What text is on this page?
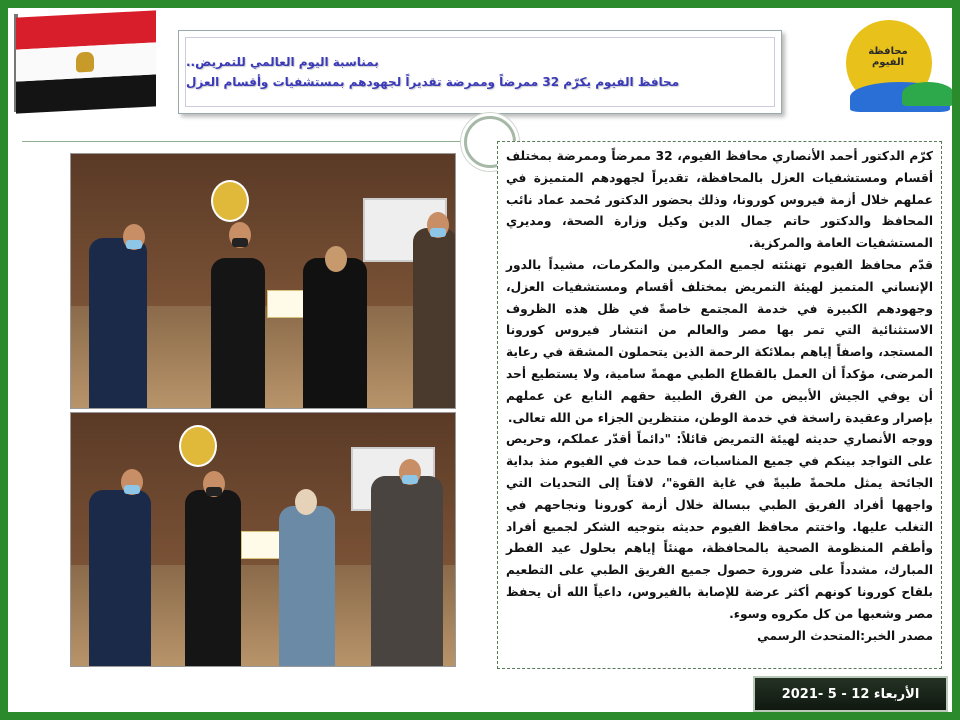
بمناسبة اليوم العالمي للتمريض..
محافظ الفيوم يكرّم 32 ممرضاً وممرضة تقديراً لجهودهم بمستشفيات وأقسام العزل
محافظة الفيوم

كرّم الدكتور أحمد الأنصاري محافظ الفيوم، 32 ممرضاً وممرضة بمختلف أقسام ومستشفيات العزل بالمحافظة، تقديراً لجهودهم المتميزة في عملهم خلال أزمة فيروس كورونا، وذلك بحضور الدكتور مُحمد عماد نائب المحافظ والدكتور حاتم جمال الدين وكيل وزارة الصحة، ومديري المستشفيات العامة والمركزية.

قدّم محافظ الفيوم تهنئته لجميع المكرمين والمكرمات، مشيداً بالدور الإنساني المتميز لهيئة التمريض بمختلف أقسام ومستشفيات العزل، وجهودهم الكبيرة في خدمة المجتمع خاصةً في ظل هذه الظروف الاستثنائية التي تمر بها مصر والعالم من انتشار فيروس كورونا المستجد، واصفاً إياهم بملائكة الرحمة الذين يتحملون المشقة في رعاية المرضى، مؤكداً أن العمل بالقطاع الطبي مهمةً سامية، ولا يستطيع أحد أن يوفي الجيش الأبيض من الفرق الطبية حقهم النابع عن عملهم بإصرار وعقيدة راسخة في خدمة الوطن، منتظرين الجزاء من الله تعالى.

ووجه الأنصاري حديثه لهيئة التمريض قائلاً: "دائماً أقدّر عملكم، وحريص على التواجد بينكم في جميع المناسبات، فما حدث في الفيوم منذ بداية الجائحة يمثل ملحمةً طبيةً في غاية القوة"، لافتاً إلى التحديات التي واجهها أفراد الفريق الطبي ببسالة خلال أزمة كورونا ونجاحهم في التغلب عليها. واختتم محافظ الفيوم حديثه بتوجيه الشكر لجميع أفراد وأطقم المنظومة الصحية بالمحافظة، مهنئاً إياهم بحلول عيد الفطر المبارك، مشدداً على ضرورة حصول جميع الفريق الطبي على التطعيم بلقاح كورونا كونهم أكثر عرضة للإصابة بالفيروس، داعياً الله أن يحفظ مصر وشعبها من كل مكروه وسوء.

مصدر الخبر:المتحدث الرسمي

الأربعاء 12 - 5 -2021
